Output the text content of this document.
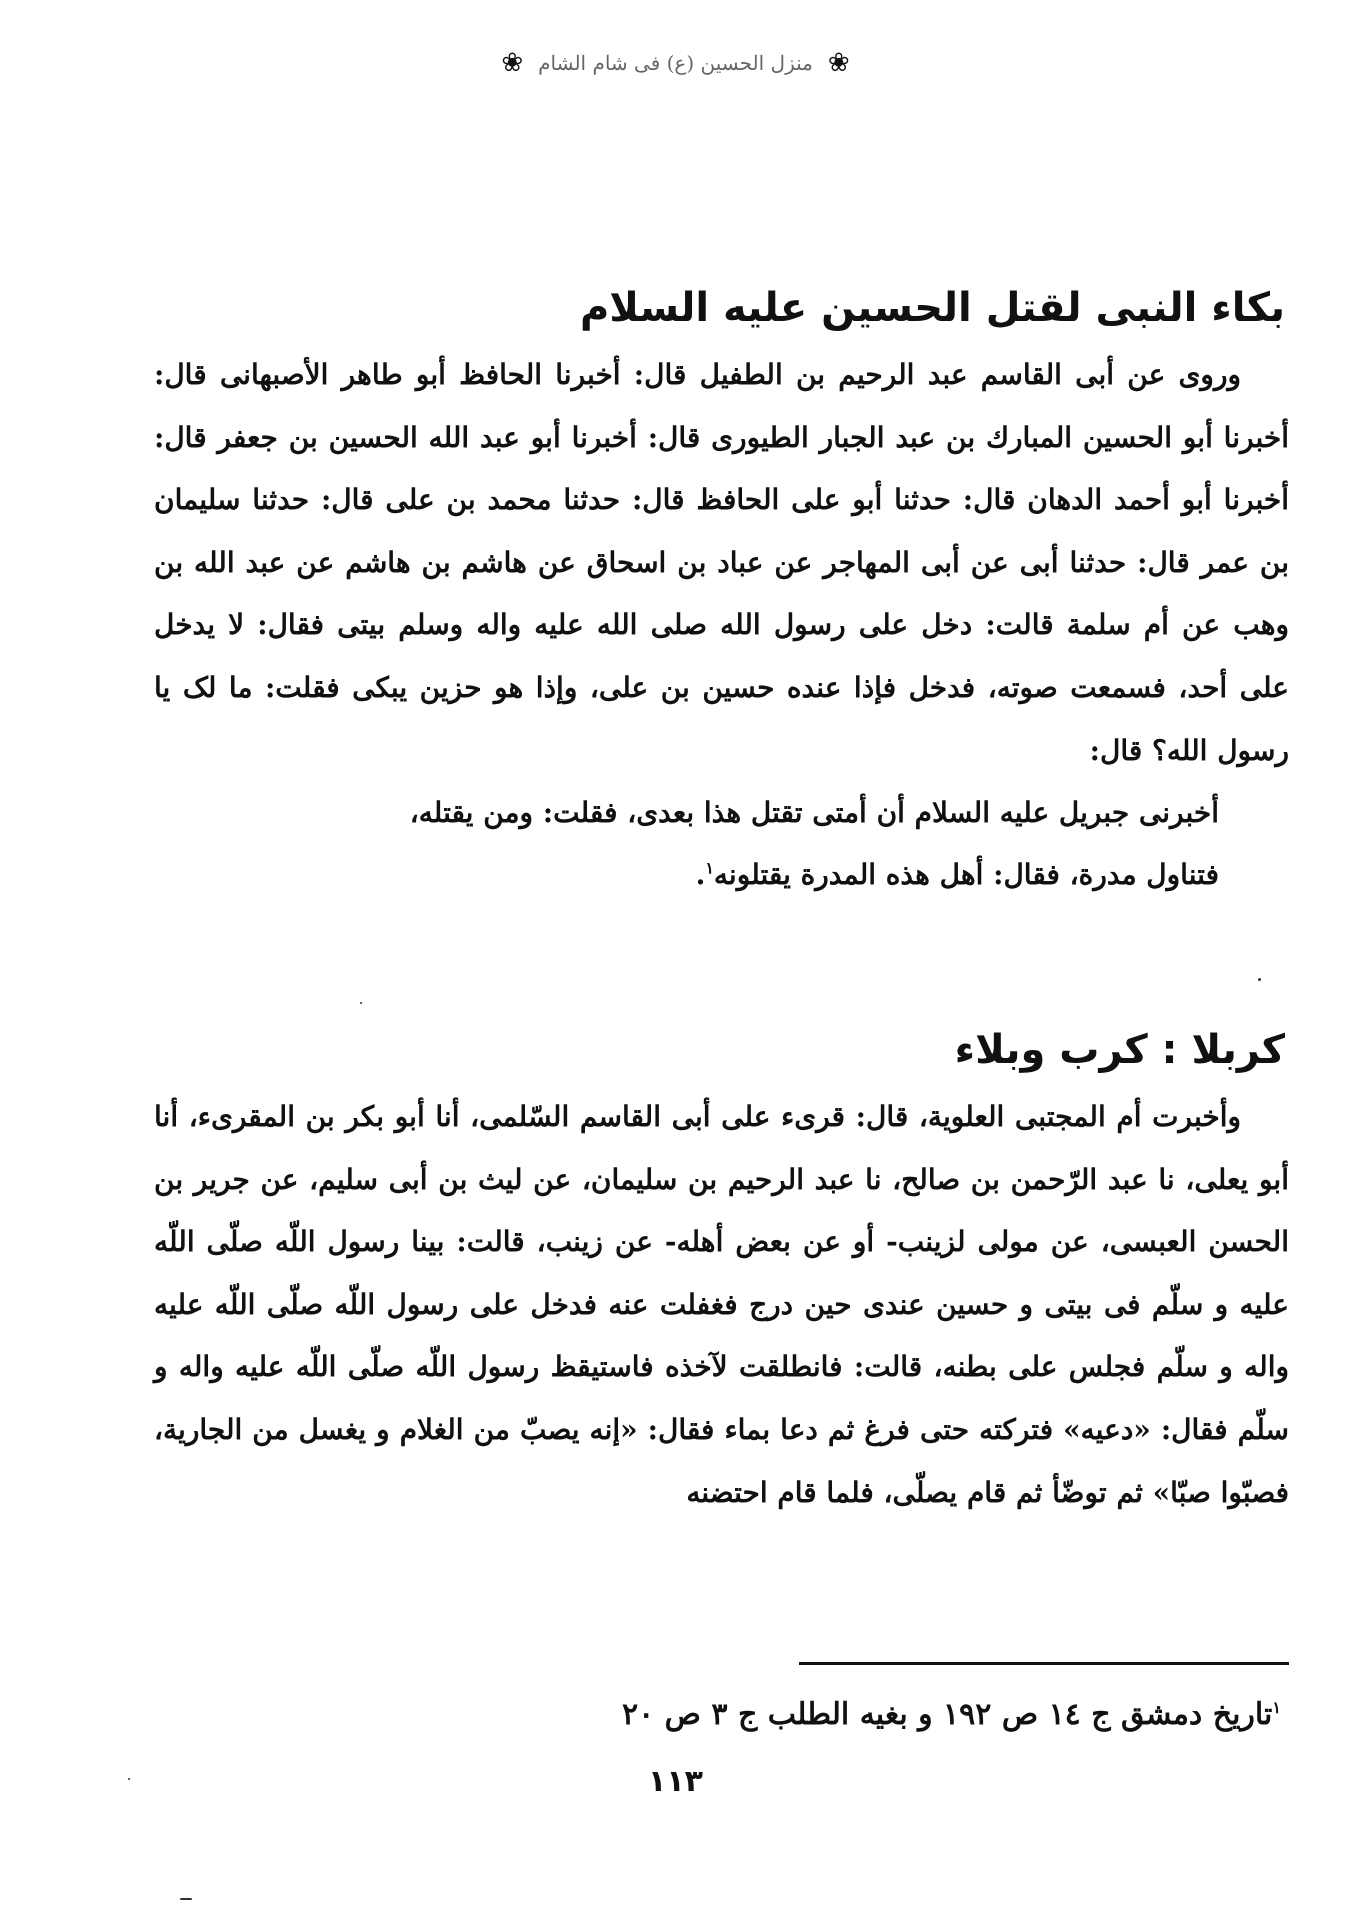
❀ منزل الحسين (ع) فى شام الشام ❀
بكاء النبى لقتل الحسين عليه السلام

وروى عن أبى القاسم عبد الرحيم بن الطفيل قال: أخبرنا الحافظ أبو طاهر الأصبهانى قال: أخبرنا أبو الحسين المبارك بن عبد الجبار الطيورى قال: أخبرنا أبو عبد الله الحسين بن جعفر قال: أخبرنا أبو أحمد الدهان قال: حدثنا أبو على الحافظ قال: حدثنا محمد بن على قال: حدثنا سليمان بن عمر قال: حدثنا أبى عن أبى المهاجر عن عباد بن اسحاق عن هاشم بن هاشم عن عبد الله بن وهب عن أم سلمة قالت: دخل على رسول الله صلى الله عليه واله وسلم بيتى فقال: لا يدخل على أحد، فسمعت صوته، فدخل فإذا عنده حسين بن على، وإذا هو حزين يبكى فقلت: ما لک يا رسول الله؟ قال:

أخبرنى جبريل عليه السلام أن أمتى تقتل هذا بعدى، فقلت: ومن يقتله،

فتناول مدرة، فقال: أهل هذه المدرة يقتلونه$^١$.

كربلا : كرب وبلاء

وأخبرت أم المجتبى العلوية، قال: قرىء على أبى القاسم السّلمى، أنا أبو بكر بن المقرىء، أنا أبو يعلى، نا عبد الرّحمن بن صالح، نا عبد الرحيم بن سليمان، عن ليث بن أبى سليم، عن جرير بن الحسن العبسى، عن مولى لزينب- أو عن بعض أهله- عن زينب، قالت: بينا رسول اللّه صلّى اللّه عليه و سلّم فى بيتى و حسين عندى حين درج فغفلت عنه فدخل على رسول اللّه صلّى اللّه عليه واله و سلّم فجلس على بطنه، قالت: فانطلقت لآخذه فاستيقظ رسول اللّه صلّى اللّه عليه واله و سلّم فقال: «دعيه» فتركته حتى فرغ ثم دعا بماء فقال: «إنه يصبّ من الغلام و يغسل من الجارية، فصبّوا صبّا» ثم توضّأ ثم قام يصلّى، فلما قام احتضنه

$^١$تاريخ دمشق ج ١٤ ص ١٩٢ و بغيه الطلب ج ٣ ص ٢٠
١١٣
